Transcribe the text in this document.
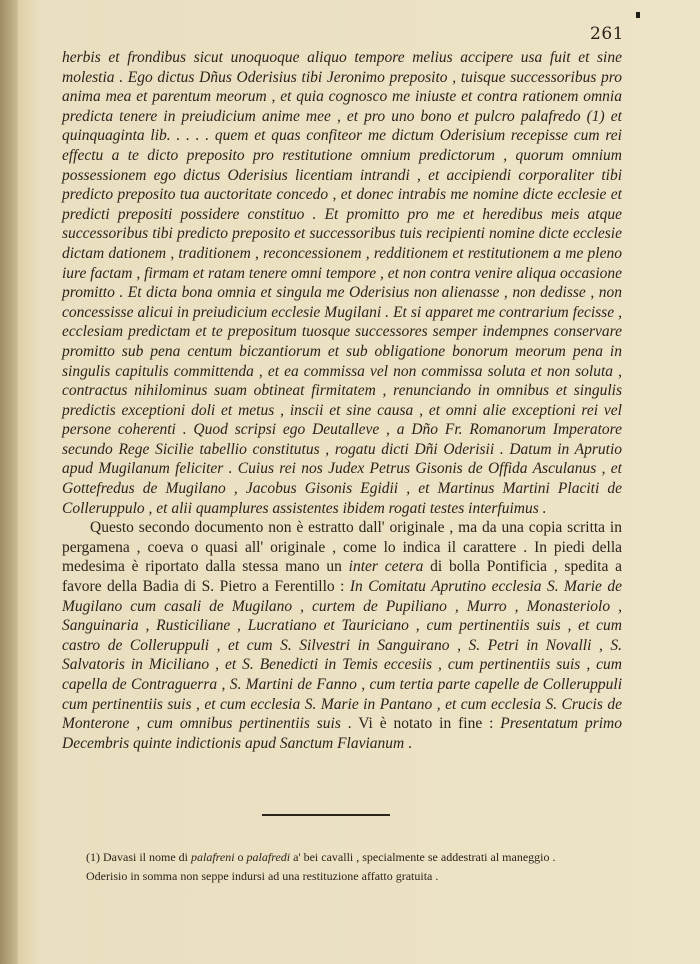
261

herbis et frondibus sicut unoquoque aliquo tempore melius accipere usa fuit et sine molestia . Ego dictus Dñus Oderisius tibi Jeronimo preposito , tuisque successoribus pro anima mea et parentum meorum , et quia cognosco me iniuste et contra rationem omnia predicta tenere in preiudicium anime mee , et pro uno bono et pulcro palafredo (1) et quinquaginta lib. . . . . quem et quas confiteor me dictum Oderisium recepisse cum rei effectu a te dicto preposito pro restitutione omnium predictorum , quorum omnium possessionem ego dictus Oderisius licentiam intrandi , et accipiendi corporaliter tibi predicto preposito tua auctoritate concedo , et donec intrabis me nomine dicte ecclesie et predicti prepositi possidere constituo . Et promitto pro me et heredibus meis atque successoribus tibi predicto preposito et successoribus tuis recipienti nomine dicte ecclesie dictam dationem , traditionem , reconcessionem , redditionem et restitutionem a me pleno iure factam , firmam et ratam tenere omni tempore , et non contra venire aliqua occasione promitto . Et dicta bona omnia et singula me Oderisius non alienasse , non dedisse , non concessisse alicui in preiudicium ecclesie Mugilani . Et si apparet me contrarium fecisse , ecclesiam predictam et te prepositum tuosque successores semper indempnes conservare promitto sub pena centum biczantiorum et sub obligatione bonorum meorum pena in singulis capitulis committenda , et ea commissa vel non commissa soluta et non soluta , contractus nihilominus suam obtineat firmitatem , renunciando in omnibus et singulis predictis exceptioni doli et metus , inscii et sine causa , et omni alie exceptioni rei vel persone coherenti . Quod scripsi ego Deutalleve , a Dño Fr. Romanorum Imperatore secundo Rege Sicilie tabellio constitutus , rogatu dicti Dñi Oderisii . Datum in Aprutio apud Mugilanum feliciter . Cuius rei nos Judex Petrus Gisonis de Offida Asculanus , et Gottefredus de Mugilano , Jacobus Gisonis Egidii , et Martinus Martini Placiti de Colleruppulo , et alii quamplures assistentes ibidem rogati testes interfuimus .

Questo secondo documento non è estratto dall' originale , ma da una copia scritta in pergamena , coeva o quasi all' originale , come lo indica il carattere . In piedi della medesima è riportato dalla stessa mano un inter cetera di bolla Pontificia , spedita a favore della Badia di S. Pietro a Ferentillo : In Comitatu Aprutino ecclesia S. Marie de Mugilano cum casali de Mugilano , curtem de Pupiliano , Murro , Monasteriolo , Sanguinaria , Rusticiliane , Lucratiano et Tauriciano , cum pertinentiis suis , et cum castro de Colleruppuli , et cum S. Silvestri in Sanguirano , S. Petri in Novalli , S. Salvatoris in Miciliano , et S. Benedicti in Temis eccesiis , cum pertinentiis suis , cum capella de Contraguerra , S. Martini de Fanno , cum tertia parte capelle de Colleruppuli cum pertinentiis suis , et cum ecclesia S. Marie in Pantano , et cum ecclesia S. Crucis de Monterone , cum omnibus pertinentiis suis . Vi è notato in fine : Presentatum primo Decembris quinte indictionis apud Sanctum Flavianum .

(1) Davasi il nome di palafreni o palafredi a' bei cavalli , specialmente se addestrati al maneggio .

Oderisio in somma non seppe indursi ad una restituzione affatto gratuita .
